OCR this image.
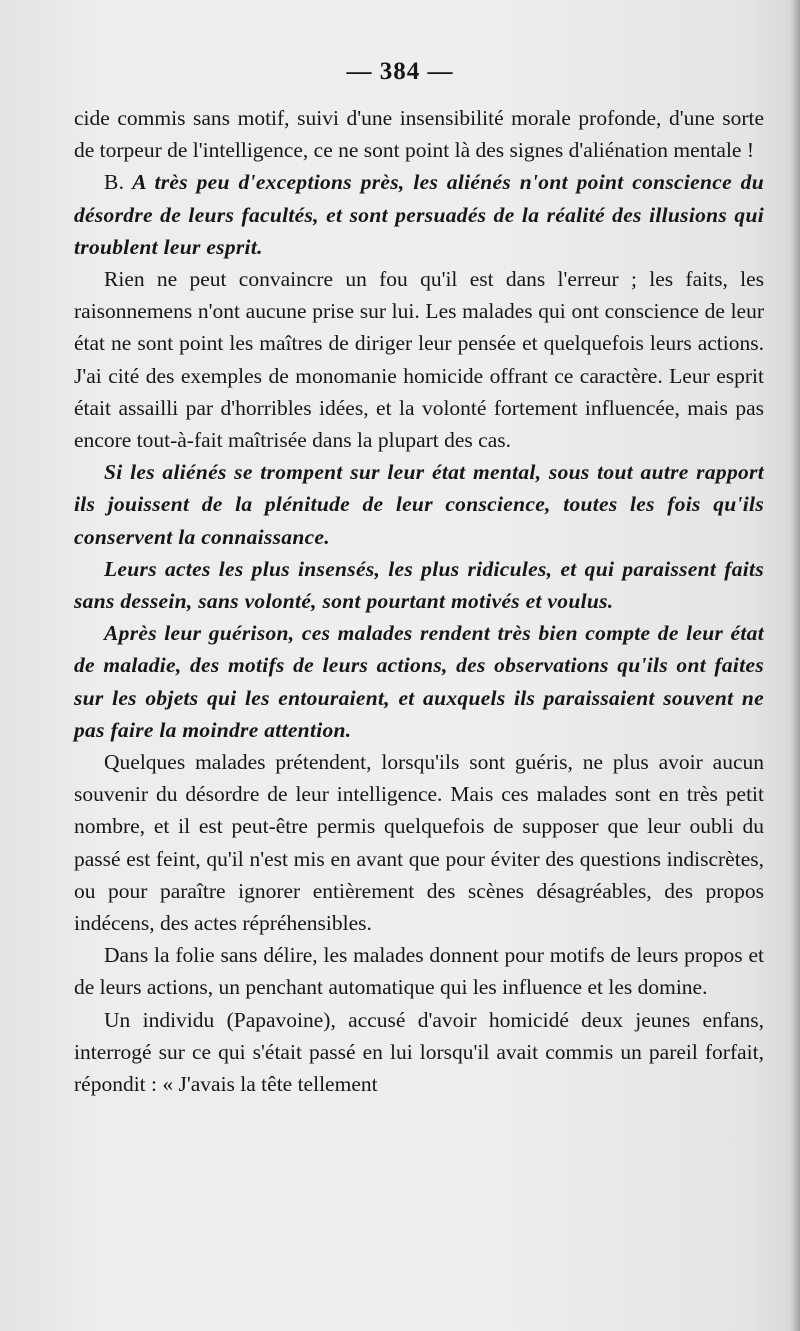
— 384 —

cide commis sans motif, suivi d'une insensibilité morale profonde, d'une sorte de torpeur de l'intelligence, ce ne sont point là des signes d'aliénation mentale !

B. A très peu d'exceptions près, les aliénés n'ont point conscience du désordre de leurs facultés, et sont persuadés de la réalité des illusions qui troublent leur esprit.

Rien ne peut convaincre un fou qu'il est dans l'erreur ; les faits, les raisonnemens n'ont aucune prise sur lui. Les malades qui ont conscience de leur état ne sont point les maîtres de diriger leur pensée et quelquefois leurs actions. J'ai cité des exemples de monomanie homicide offrant ce caractère. Leur esprit était assailli par d'horribles idées, et la volonté fortement influencée, mais pas encore tout-à-fait maîtrisée dans la plupart des cas.

Si les aliénés se trompent sur leur état mental, sous tout autre rapport ils jouissent de la plénitude de leur conscience, toutes les fois qu'ils conservent la connaissance.

Leurs actes les plus insensés, les plus ridicules, et qui paraissent faits sans dessein, sans volonté, sont pourtant motivés et voulus.

Après leur guérison, ces malades rendent très bien compte de leur état de maladie, des motifs de leurs actions, des observations qu'ils ont faites sur les objets qui les entouraient, et auxquels ils paraissaient souvent ne pas faire la moindre attention.

Quelques malades prétendent, lorsqu'ils sont guéris, ne plus avoir aucun souvenir du désordre de leur intelligence. Mais ces malades sont en très petit nombre, et il est peut-être permis quelquefois de supposer que leur oubli du passé est feint, qu'il n'est mis en avant que pour éviter des questions indiscrètes, ou pour paraître ignorer entièrement des scènes désagréables, des propos indécens, des actes répréhensibles.

Dans la folie sans délire, les malades donnent pour motifs de leurs propos et de leurs actions, un penchant automatique qui les influence et les domine.

Un individu (Papavoine), accusé d'avoir homicidé deux jeunes enfans, interrogé sur ce qui s'était passé en lui lorsqu'il avait commis un pareil forfait, répondit : « J'avais la tête tellement
